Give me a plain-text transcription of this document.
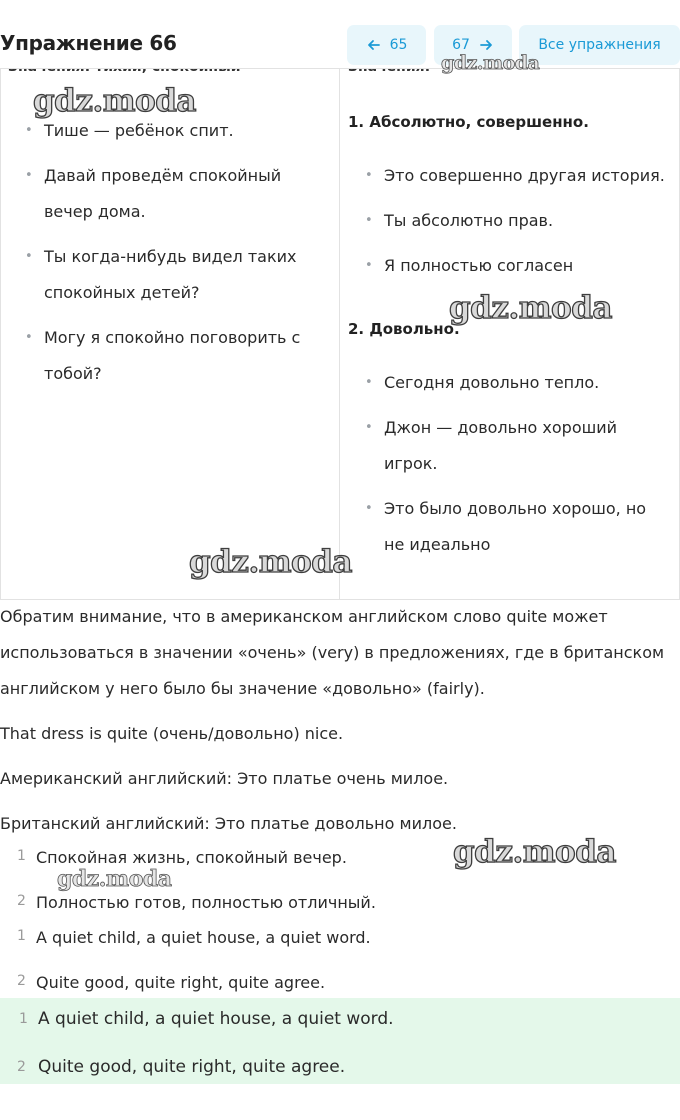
Упражнение 66	65	67	Все упражнения
• Тише — ребёнок спит.
• Давай проведём спокойный
вечер дома.
• Ты когда-нибудь видел таких
спокойных детей?
• Могу я спокойно поговорить с
тобой?
1. Абсолютно, совершенно.
• Это совершенно другая история.
• Ты абсолютно прав.
• Я полностью согласен
2. Довольно.
• Сегодня довольно тепло.
• Джон — довольно хороший
игрок.
• Это было довольно хорошо, но
не идеально
Обратим внимание, что в американском английском слово quite может
использоваться в значении «очень» (very) в предложениях, где в британском
английском у него было бы значение «довольно» (fairly).
That dress is quite (очень/довольно) nice.
Американский английский: Это платье очень милое.
Британский английский: Это платье довольно милое.
1 Спокойная жизнь, спокойный вечер.
2 Полностью готов, полностью отличный.
1 A quiet child, a quiet house, a quiet word.
2 Quite good, quite right, quite agree.
1 A quiet child, a quiet house, a quiet word.
2 Quite good, quite right, quite agree.
gdz.moda
gdz.moda
gdz.moda
gdz.moda
gdz.moda
gdz.moda
